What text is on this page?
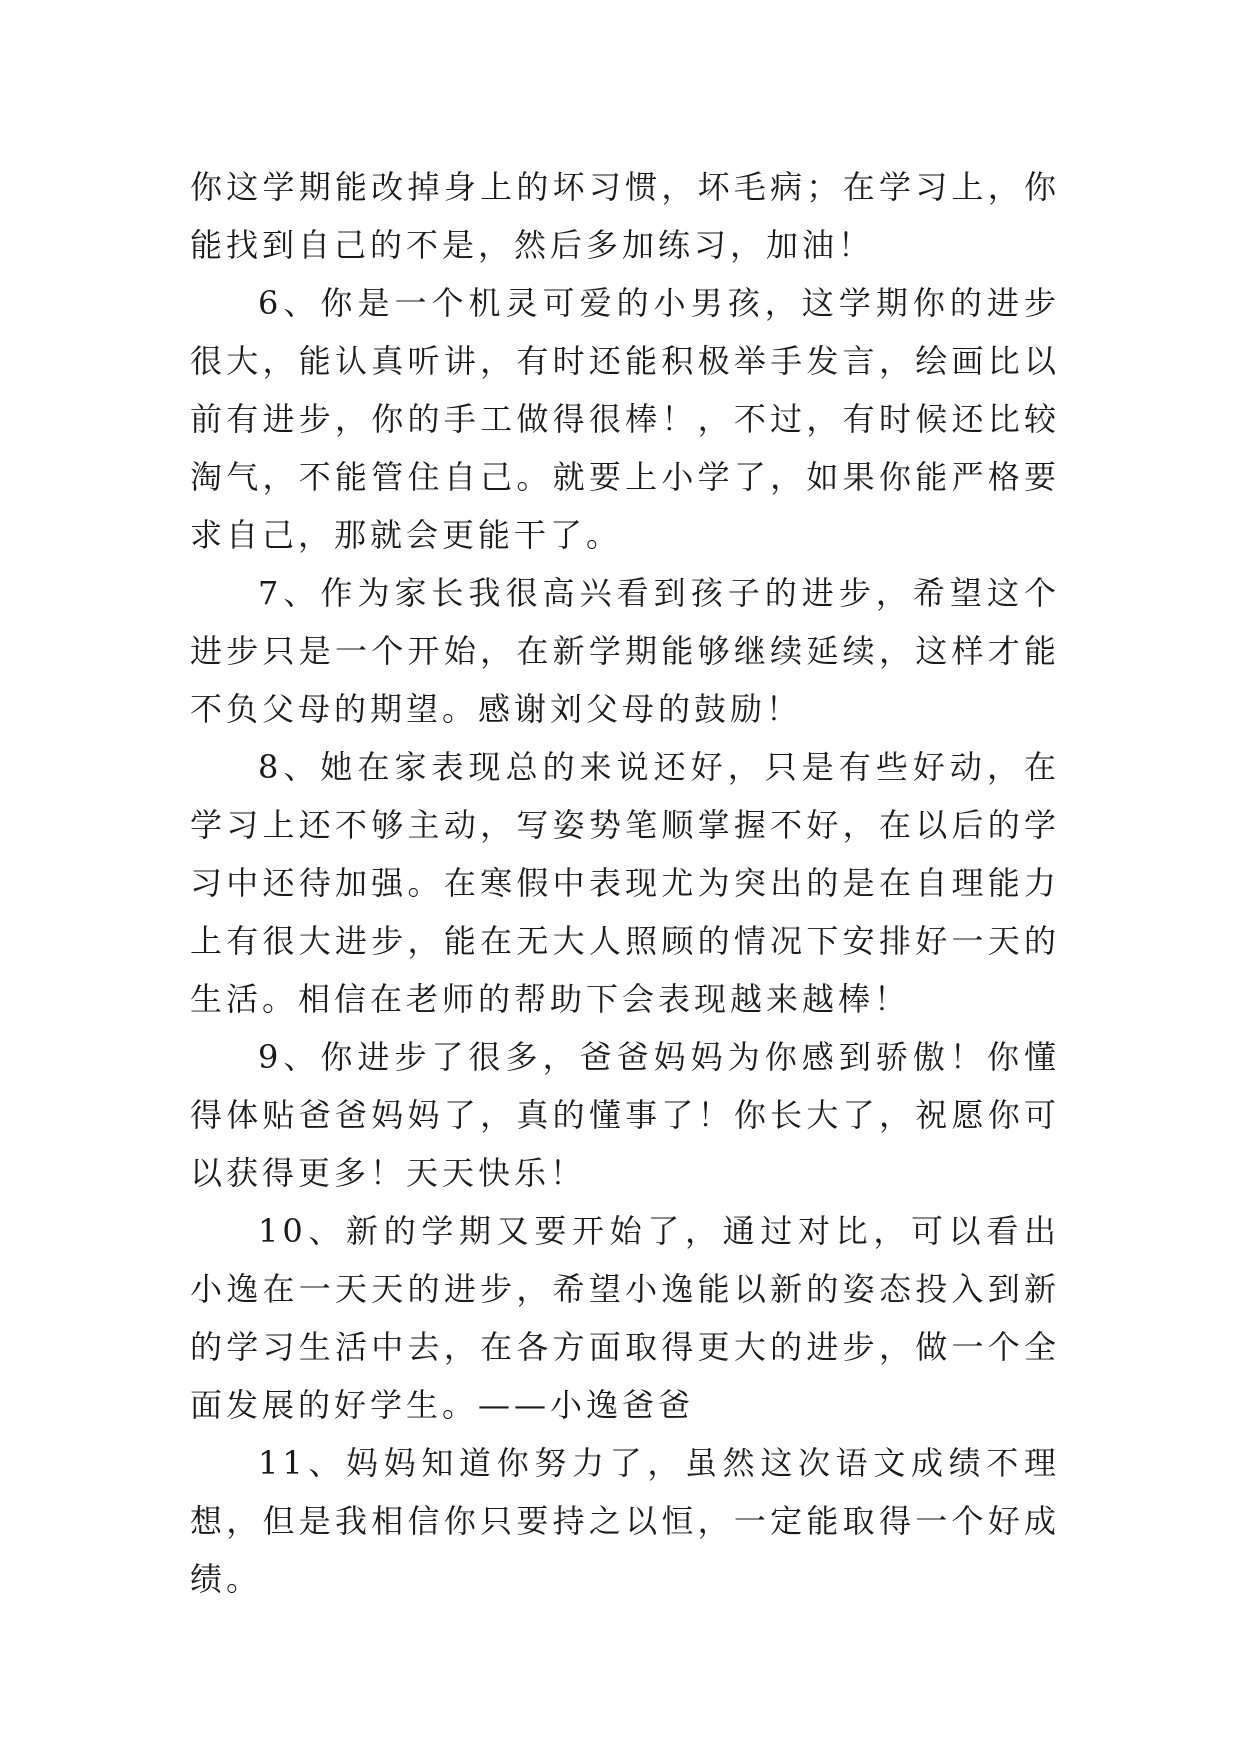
你这学期能改掉身上的坏习惯，坏毛病；在学习上，你能找到自己的不是，然后多加练习，加油！

6、你是一个机灵可爱的小男孩，这学期你的进步很大，能认真听讲，有时还能积极举手发言，绘画比以前有进步，你的手工做得很棒！，不过，有时候还比较淘气，不能管住自己。就要上小学了，如果你能严格要求自己，那就会更能干了。

7、作为家长我很高兴看到孩子的进步，希望这个进步只是一个开始，在新学期能够继续延续，这样才能不负父母的期望。感谢刘父母的鼓励！

8、她在家表现总的来说还好，只是有些好动，在学习上还不够主动，写姿势笔顺掌握不好，在以后的学习中还待加强。在寒假中表现尤为突出的是在自理能力上有很大进步，能在无大人照顾的情况下安排好一天的生活。相信在老师的帮助下会表现越来越棒！

9、你进步了很多，爸爸妈妈为你感到骄傲！你懂得体贴爸爸妈妈了，真的懂事了！你长大了，祝愿你可以获得更多！天天快乐！

10、新的学期又要开始了，通过对比，可以看出小逸在一天天的进步，希望小逸能以新的姿态投入到新的学习生活中去，在各方面取得更大的进步，做一个全面发展的好学生。——小逸爸爸

11、妈妈知道你努力了，虽然这次语文成绩不理想，但是我相信你只要持之以恒，一定能取得一个好成绩。
